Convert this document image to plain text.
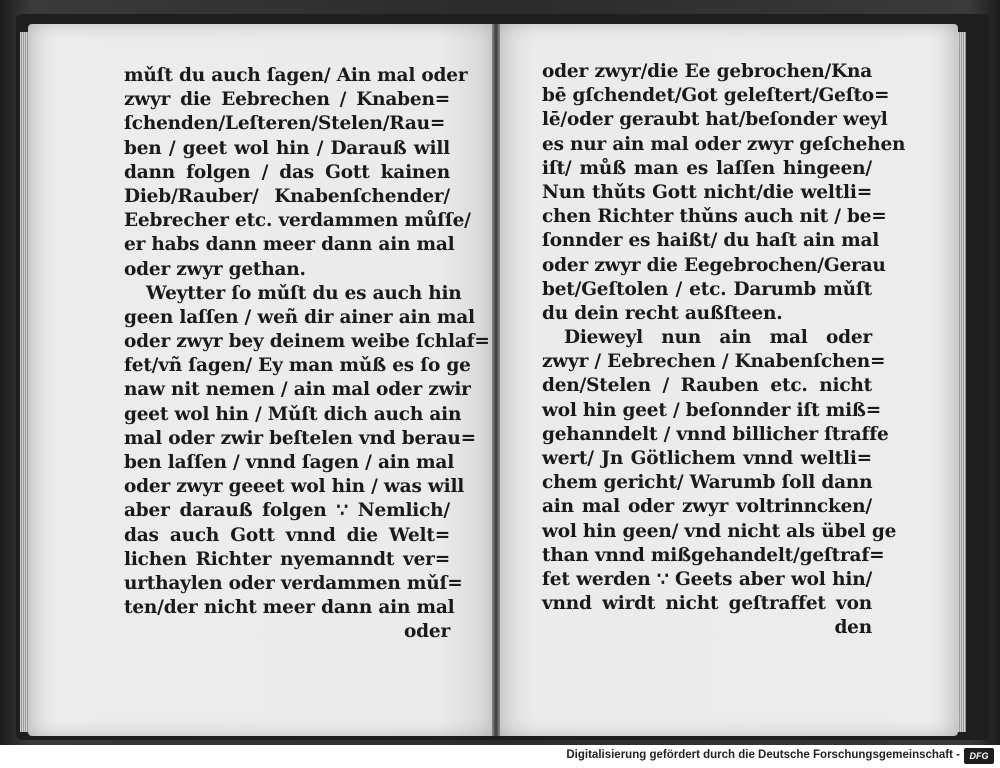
mǔſt du auch ſagen/ Ain mal oder
zwyr die Eebrechen / Knaben=
ſchenden/Leſteren/Stelen/Rau=
ben / geet wol hin / Darauß will
dann folgen / das Gott kainen
Dieb/Rauber/ Knabenſchender/
Eebrecher etc. verdammen můſſe/
er habs dann meer dann ain mal
oder zwyr gethan.
Weytter ſo mǔſt du es auch hin
geen laſſen / weñ dir ainer ain mal
oder zwyr bey deinem weibe ſchlaf=
fet/vñ ſagen/ Ey man mǔß es ſo ge
naw nit nemen / ain mal oder zwir
geet wol hin / Mǔſt dich auch ain
mal oder zwir beſtelen vnd berau=
ben laſſen / vnnd ſagen / ain mal
oder zwyr geeet wol hin / was will
aber darauß folgen ∵ Nemlich/
das auch Gott vnnd die Welt=
lichen Richter nyemanndt ver=
urthaylen oder verdammen mǔſ=
ten/der nicht meer dann ain mal
oder
oder zwyr/die Ee gebrochen/Kna
bē gſchendet/Got geleſtert/Geſto=
lē/oder geraubt hat/beſonder weyl
es nur ain mal oder zwyr geſchehen
iſt/ můß man es laſſen hingeen/
Nun thǔts Gott nicht/die weltli=
chen Richter thǔns auch nit / be=
ſonnder es haißt/ du haſt ain mal
oder zwyr die Eegebrochen/Gerau
bet/Geſtolen / etc. Darumb mǔſt
du dein recht außſteen.
Dieweyl nun ain mal oder
zwyr / Eebrechen / Knabenſchen=
den/Stelen / Rauben etc. nicht
wol hin geet / beſonnder iſt miß=
gehanndelt / vnnd billicher ſtraffe
wert/ Jn Götlichem vnnd weltli=
chem gericht/ Warumb ſoll dann
ain mal oder zwyr voltrinncken/
wol hin geen/ vnd nicht als übel ge
than vnnd mißgehandelt/geſtraf=
fet werden ∵ Geets aber wol hin/
vnnd wirdt nicht geſtraffet von
den
Digitalisierung gefördert durch die Deutsche Forschungsgemeinschaft -	DFG
